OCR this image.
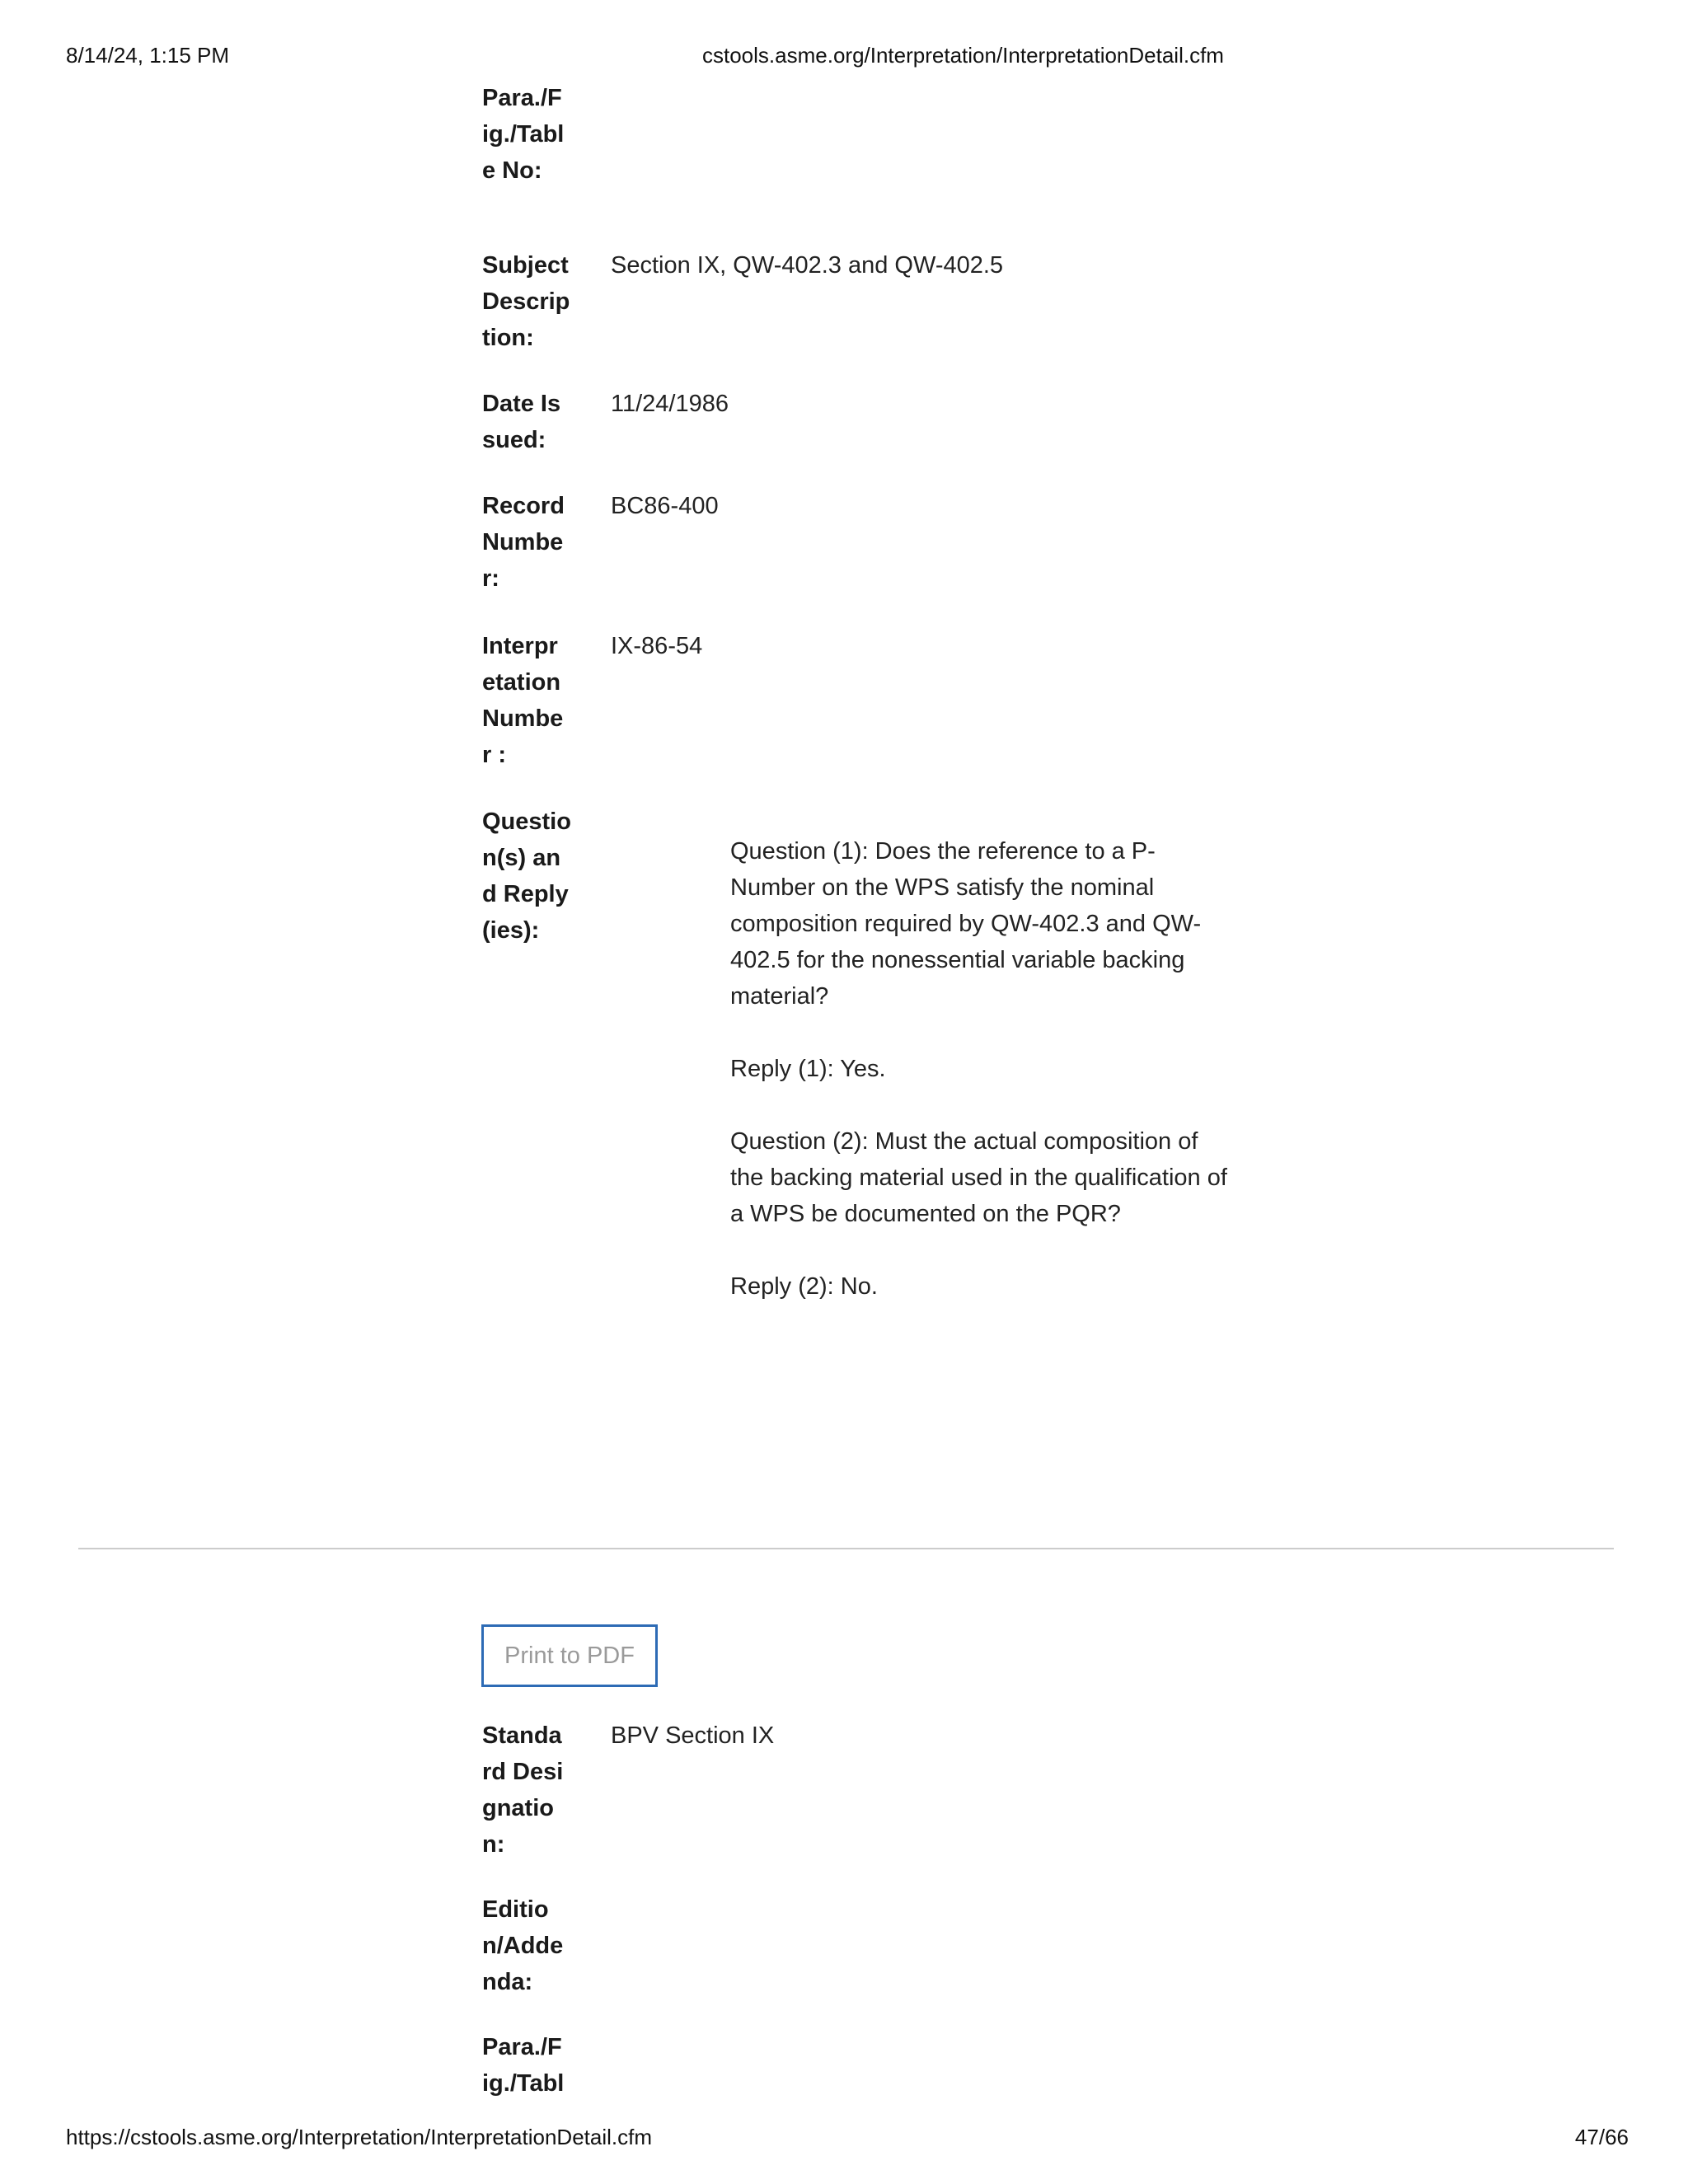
8/14/24, 1:15 PM	cstools.asme.org/Interpretation/InterpretationDetail.cfm
Para./Fig./Table No:
Subject Description:
Section IX, QW-402.3 and QW-402.5
Date Issued:
11/24/1986
Record Number:
BC86-400
Interpretation Number :
IX-86-54
Question(s) and Reply(ies):

Question (1): Does the reference to a P-Number on the WPS satisfy the nominal composition required by QW-402.3 and QW-402.5 for the nonessential variable backing material?

Reply (1): Yes.

Question (2): Must the actual composition of the backing material used in the qualification of a WPS be documented on the PQR?

Reply (2): No.

Print to PDF
Standard Designation:
BPV Section IX
Edition/Addenda:
Para./Fig./Tabl
https://cstools.asme.org/Interpretation/InterpretationDetail.cfm	47/66
